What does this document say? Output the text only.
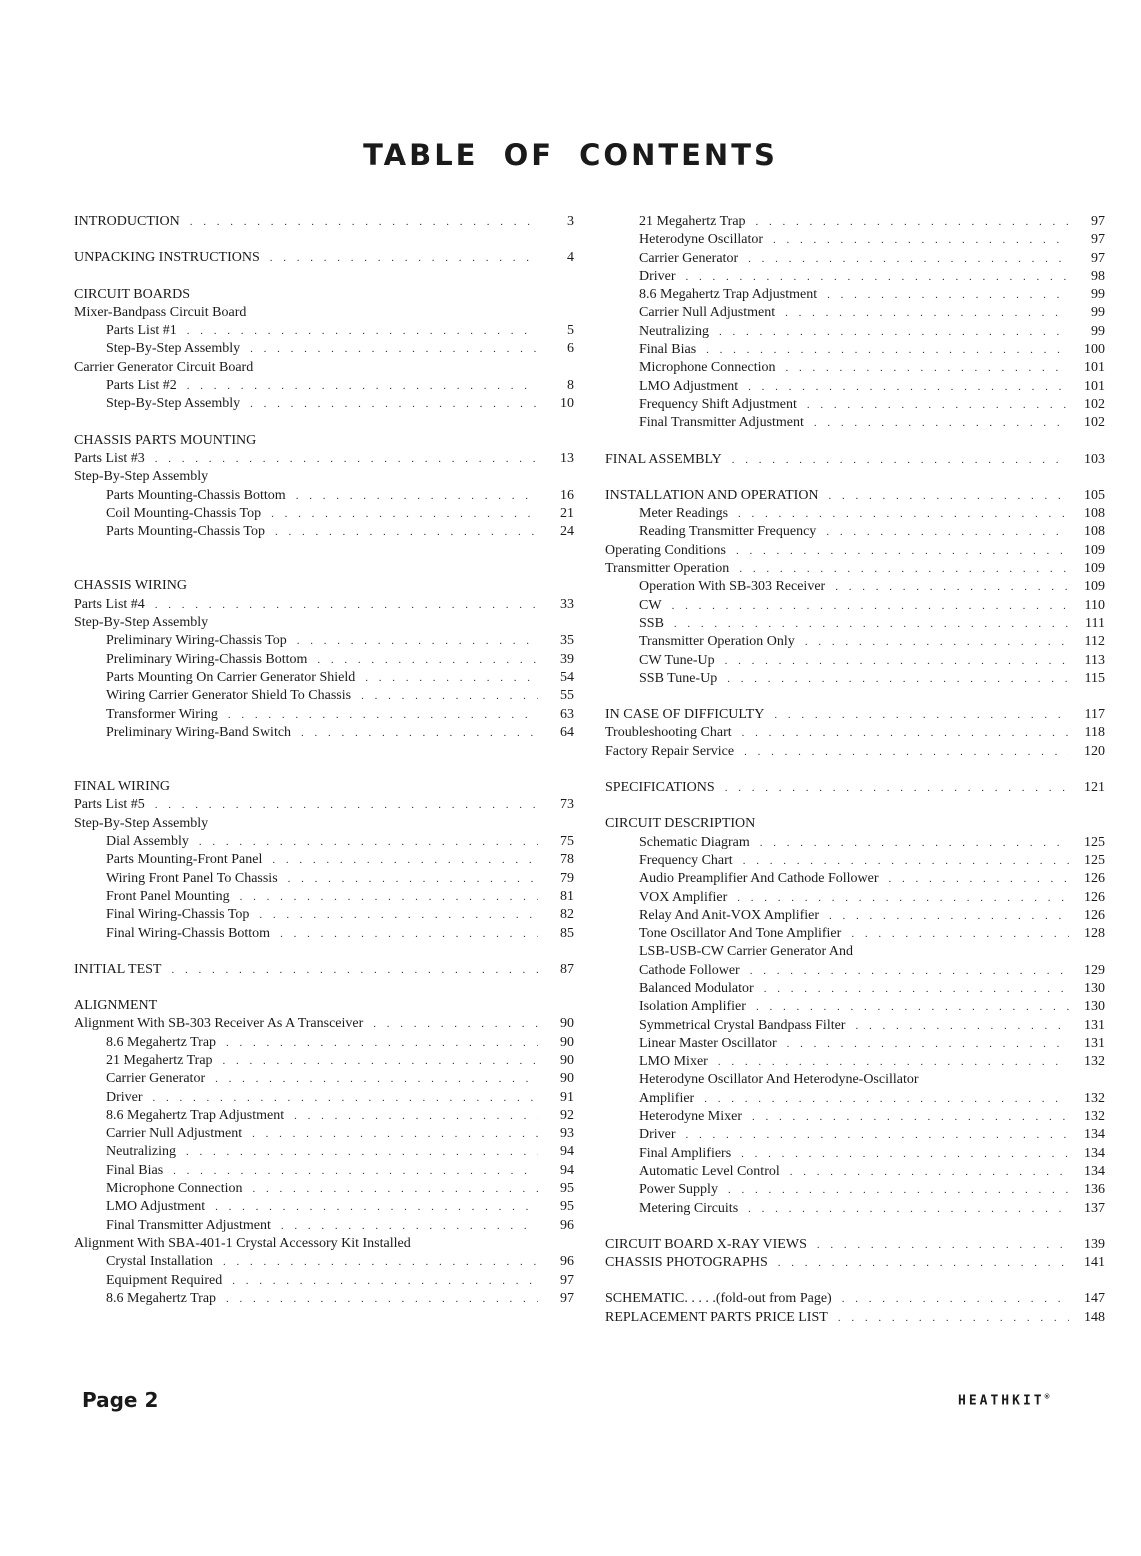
TABLE OF CONTENTS
INTRODUCTION . . .	3
UNPACKING INSTRUCTIONS . . .	4
CIRCUIT BOARDS
Mixer-Bandpass Circuit Board
Parts List #1 . . .	5
Step-By-Step Assembly . . .	6
Carrier Generator Circuit Board
Parts List #2 . . .	8
Step-By-Step Assembly . . .	10
CHASSIS PARTS MOUNTING
Parts List #3 . . .	13
Step-By-Step Assembly
Parts Mounting-Chassis Bottom . . .	16
Coil Mounting-Chassis Top . . .	21
Parts Mounting-Chassis Top . . .	24
CHASSIS WIRING
Parts List #4 . . .	33
Step-By-Step Assembly
Preliminary Wiring-Chassis Top . . .	35
Preliminary Wiring-Chassis Bottom . . .	39
Parts Mounting On Carrier Generator Shield . . .	54
Wiring Carrier Generator Shield To Chassis . . .	55
Transformer Wiring . . .	63
Preliminary Wiring-Band Switch . . .	64
FINAL WIRING
Parts List #5 . . .	73
Step-By-Step Assembly
Dial Assembly . . .	75
Parts Mounting-Front Panel . . .	78
Wiring Front Panel To Chassis . . .	79
Front Panel Mounting . . .	81
Final Wiring-Chassis Top . . .	82
Final Wiring-Chassis Bottom . . .	85
INITIAL TEST . . .	87
ALIGNMENT
Alignment With SB-303 Receiver As A Transceiver . . .	90
8.6 Megahertz Trap . . .	90
21 Megahertz Trap . . .	90
Carrier Generator . . .	90
Driver . . .	91
8.6 Megahertz Trap Adjustment . . .	92
Carrier Null Adjustment . . .	93
Neutralizing . . .	94
Final Bias . . .	94
Microphone Connection . . .	95
LMO Adjustment . . .	95
Final Transmitter Adjustment . . .	96
Alignment With SBA-401-1 Crystal Accessory Kit Installed
Crystal Installation . . .	96
Equipment Required . . .	97
8.6 Megahertz Trap . . .	97
21 Megahertz Trap . . .	97
Heterodyne Oscillator . . .	97
Carrier Generator . . .	97
Driver . . .	98
8.6 Megahertz Trap Adjustment . . .	99
Carrier Null Adjustment . . .	99
Neutralizing . . .	99
Final Bias . . .	100
Microphone Connection . . .	101
LMO Adjustment . . .	101
Frequency Shift Adjustment . . .	102
Final Transmitter Adjustment . . .	102
FINAL ASSEMBLY . . .	103
INSTALLATION AND OPERATION . . .	105
Meter Readings . . .	108
Reading Transmitter Frequency . . .	108
Operating Conditions . . .	109
Transmitter Operation . . .	109
Operation With SB-303 Receiver . . .	109
CW . . .	110
SSB . . .	111
Transmitter Operation Only . . .	112
CW Tune-Up . . .	113
SSB Tune-Up . . .	115
IN CASE OF DIFFICULTY . . .	117
Troubleshooting Chart . . .	118
Factory Repair Service . . .	120
SPECIFICATIONS . . .	121
CIRCUIT DESCRIPTION
Schematic Diagram . . .	125
Frequency Chart . . .	125
Audio Preamplifier And Cathode Follower . . .	126
VOX Amplifier . . .	126
Relay And Anit-VOX Amplifier . . .	126
Tone Oscillator And Tone Amplifier . . .	128
LSB-USB-CW Carrier Generator And
Cathode Follower . . .	129
Balanced Modulator . . .	130
Isolation Amplifier . . .	130
Symmetrical Crystal Bandpass Filter . . .	131
Linear Master Oscillator . . .	131
LMO Mixer . . .	132
Heterodyne Oscillator And Heterodyne-Oscillator
Amplifier . . .	132
Heterodyne Mixer . . .	132
Driver . . .	134
Final Amplifiers . . .	134
Automatic Level Control . . .	134
Power Supply . . .	136
Metering Circuits . . .	137
CIRCUIT BOARD X-RAY VIEWS . . .	139
CHASSIS PHOTOGRAPHS . . .	141
SCHEMATIC. . . . .(fold-out from Page) . . .	147
REPLACEMENT PARTS PRICE LIST . . .	148
Page 2	HEATHKIT®
